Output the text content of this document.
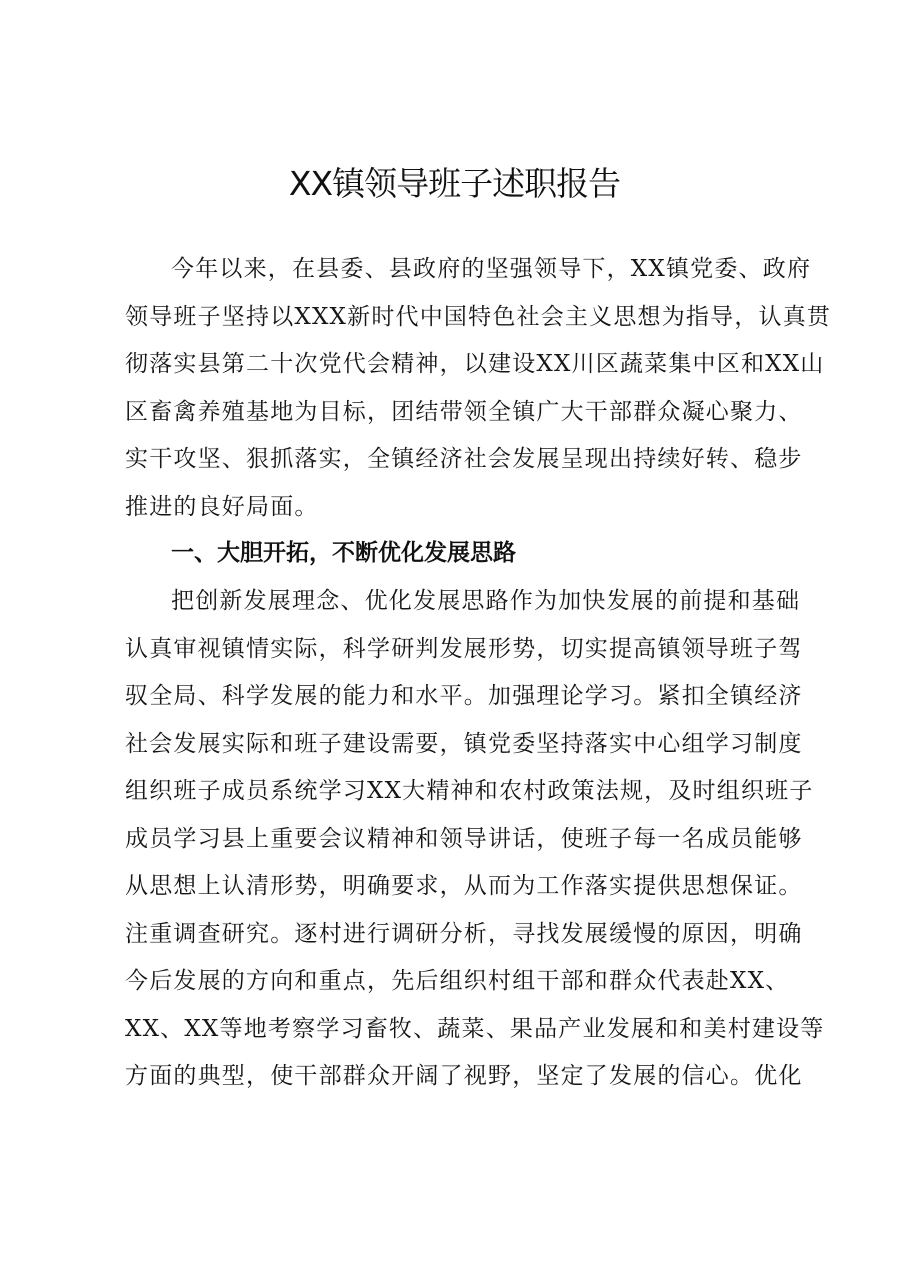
XX镇领导班子述职报告
今年以来，在县委、县政府的坚强领导下，XX镇党委、政府
领导班子坚持以XXX新时代中国特色社会主义思想为指导，认真贯
彻落实县第二十次党代会精神，以建设XX川区蔬菜集中区和XX山
区畜禽养殖基地为目标，团结带领全镇广大干部群众凝心聚力、
实干攻坚、狠抓落实，全镇经济社会发展呈现出持续好转、稳步
推进的良好局面。
一、大胆开拓，不断优化发展思路
把创新发展理念、优化发展思路作为加快发展的前提和基础
认真审视镇情实际，科学研判发展形势，切实提高镇领导班子驾
驭全局、科学发展的能力和水平。加强理论学习。紧扣全镇经济
社会发展实际和班子建设需要，镇党委坚持落实中心组学习制度
组织班子成员系统学习XX大精神和农村政策法规，及时组织班子
成员学习县上重要会议精神和领导讲话，使班子每一名成员能够
从思想上认清形势，明确要求，从而为工作落实提供思想保证。
注重调查研究。逐村进行调研分析，寻找发展缓慢的原因，明确
今后发展的方向和重点，先后组织村组干部和群众代表赴XX、
XX、XX等地考察学习畜牧、蔬菜、果品产业发展和和美村建设等
方面的典型，使干部群众开阔了视野，坚定了发展的信心。优化
